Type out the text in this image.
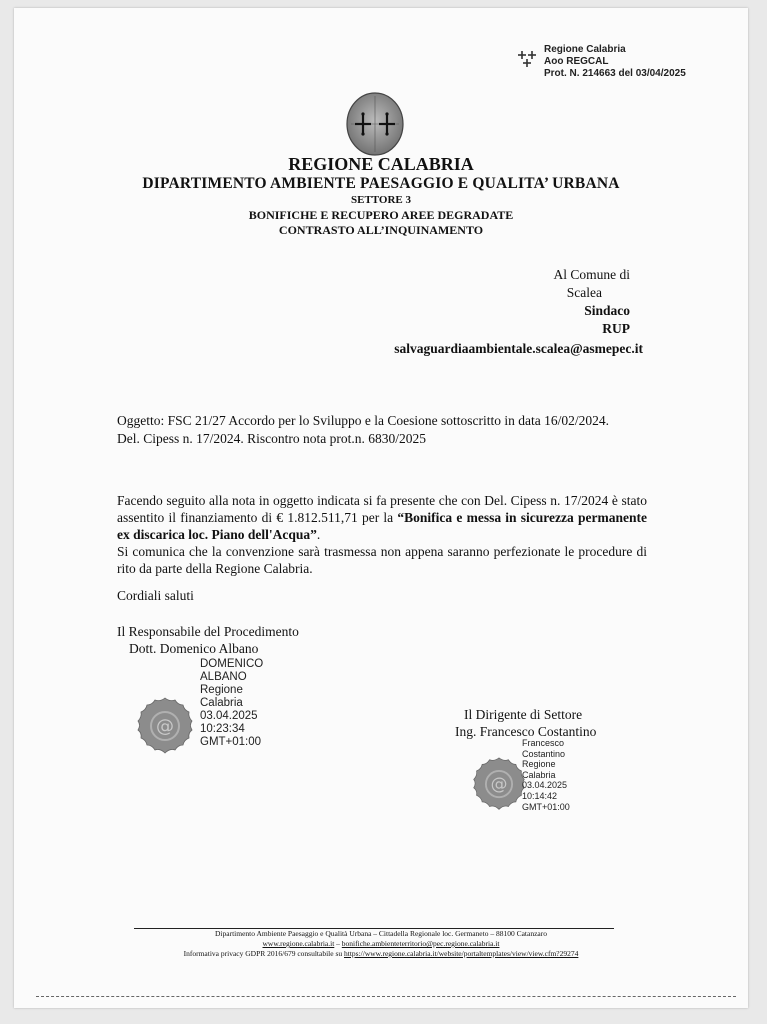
Regione Calabria
Aoo REGCAL
Prot. N. 214663 del 03/04/2025
REGIONE CALABRIA
DIPARTIMENTO AMBIENTE PAESAGGIO E QUALITA’ URBANA
SETTORE 3
BONIFICHE E RECUPERO AREE DEGRADATE
CONTRASTO ALL’INQUINAMENTO
Al Comune di
Scalea
Sindaco
RUP
salvaguardiaambientale.scalea@asmepec.it
Oggetto: FSC 21/27 Accordo per lo Sviluppo e la Coesione sottoscritto in data 16/02/2024.
Del. Cipess n. 17/2024. Riscontro nota prot.n. 6830/2025
Facendo seguito alla nota in oggetto indicata si fa presente che con Del. Cipess n. 17/2024 è stato assentito il finanziamento di € 1.812.511,71 per la “Bonifica e messa in sicurezza permanente ex discarica loc. Piano dell'Acqua”.
Si comunica che la convenzione sarà trasmessa non appena saranno perfezionate le procedure di rito da parte della Regione Calabria.
Cordiali saluti
Il Responsabile del Procedimento
Dott. Domenico Albano
@
DOMENICO
ALBANO
Regione
Calabria
03.04.2025
10:23:34
GMT+01:00
Il Dirigente di Settore
Ing. Francesco Costantino
@
Francesco
Costantino
Regione
Calabria
03.04.2025
10:14:42
GMT+01:00
Dipartimento Ambiente Paesaggio e Qualità Urbana – Cittadella Regionale loc. Germaneto – 88100 Catanzaro
www.regione.calabria.it – bonifiche.ambienteterritorio@pec.regione.calabria.it
Informativa privacy GDPR 2016/679 consultabile su https://www.regione.calabria.it/website/portaltemplates/view/view.cfm?29274
